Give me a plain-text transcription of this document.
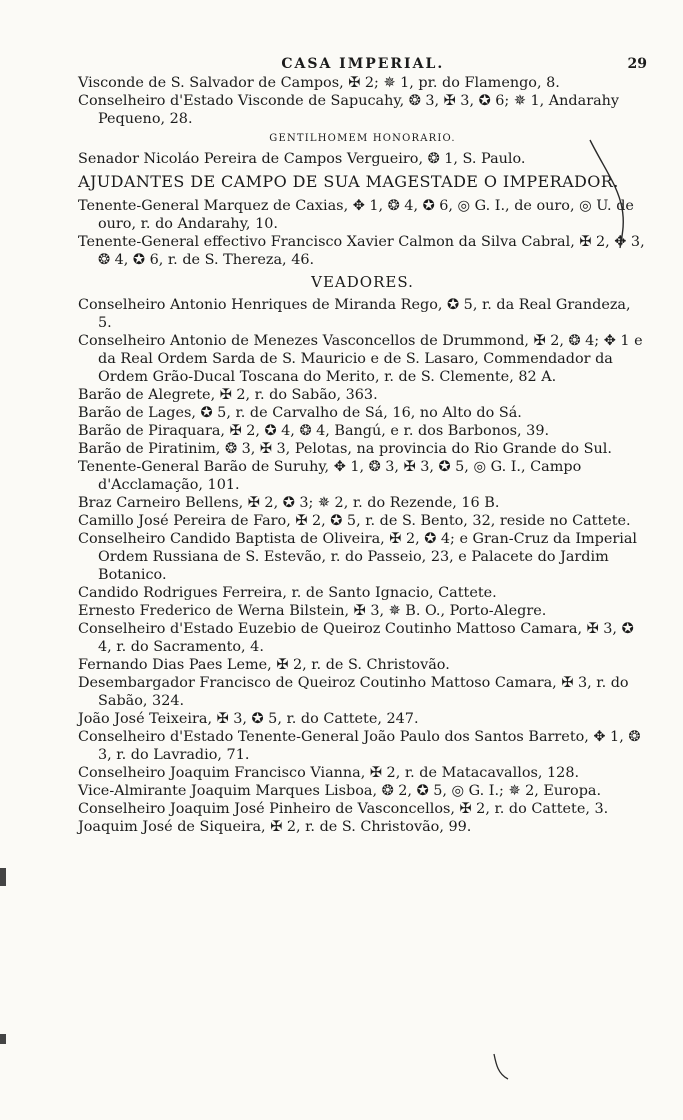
CASA IMPERIAL.	29

Visconde de S. Salvador de Campos, ✠ 2; ✵ 1, pr. do Flamengo, 8.

Conselheiro d'Estado Visconde de Sapucahy, ❂ 3, ✠ 3, ✪ 6; ✵ 1, Andarahy Pequeno, 28.

GENTILHOMEM HONORARIO.

Senador Nicoláo Pereira de Campos Vergueiro, ❂ 1, S. Paulo.

AJUDANTES DE CAMPO DE SUA MAGESTADE O IMPERADOR.

Tenente-General Marquez de Caxias, ✥ 1, ❂ 4, ✪ 6, ◎ G. I., de ouro, ◎ U. de ouro, r. do Andarahy, 10.

Tenente-General effectivo Francisco Xavier Calmon da Silva Cabral, ✠ 2, ✥ 3, ❂ 4, ✪ 6, r. de S. Thereza, 46.

VEADORES.

Conselheiro Antonio Henriques de Miranda Rego, ✪ 5, r. da Real Grandeza, 5.

Conselheiro Antonio de Menezes Vasconcellos de Drummond, ✠ 2, ❂ 4; ✥ 1 e da Real Ordem Sarda de S. Mauricio e de S. Lasaro, Commendador da Ordem Grão-Ducal Toscana do Merito, r. de S. Clemente, 82 A.

Barão de Alegrete, ✠ 2, r. do Sabão, 363.

Barão de Lages, ✪ 5, r. de Carvalho de Sá, 16, no Alto do Sá.

Barão de Piraquara, ✠ 2, ✪ 4, ❂ 4, Bangú, e r. dos Barbonos, 39.

Barão de Piratinim, ❂ 3, ✠ 3, Pelotas, na provincia do Rio Grande do Sul.

Tenente-General Barão de Suruhy, ✥ 1, ❂ 3, ✠ 3, ✪ 5, ◎ G. I., Campo d'Acclamação, 101.

Braz Carneiro Bellens, ✠ 2, ✪ 3; ✵ 2, r. do Rezende, 16 B.

Camillo José Pereira de Faro, ✠ 2, ✪ 5, r. de S. Bento, 32, reside no Cattete.

Conselheiro Candido Baptista de Oliveira, ✠ 2, ✪ 4; e Gran-Cruz da Imperial Ordem Russiana de S. Estevão, r. do Passeio, 23, e Palacete do Jardim Botanico.

Candido Rodrigues Ferreira, r. de Santo Ignacio, Cattete.

Ernesto Frederico de Werna Bilstein, ✠ 3, ✵ B. O., Porto-Alegre.

Conselheiro d'Estado Euzebio de Queiroz Coutinho Mattoso Camara, ✠ 3, ✪ 4, r. do Sacramento, 4.

Fernando Dias Paes Leme, ✠ 2, r. de S. Christovão.

Desembargador Francisco de Queiroz Coutinho Mattoso Camara, ✠ 3, r. do Sabão, 324.

João José Teixeira, ✠ 3, ✪ 5, r. do Cattete, 247.

Conselheiro d'Estado Tenente-General João Paulo dos Santos Barreto, ✥ 1, ❂ 3, r. do Lavradio, 71.

Conselheiro Joaquim Francisco Vianna, ✠ 2, r. de Matacavallos, 128.

Vice-Almirante Joaquim Marques Lisboa, ❂ 2, ✪ 5, ◎ G. I.; ✵ 2, Europa.

Conselheiro Joaquim José Pinheiro de Vasconcellos, ✠ 2, r. do Cattete, 3.

Joaquim José de Siqueira, ✠ 2, r. de S. Christovão, 99.
